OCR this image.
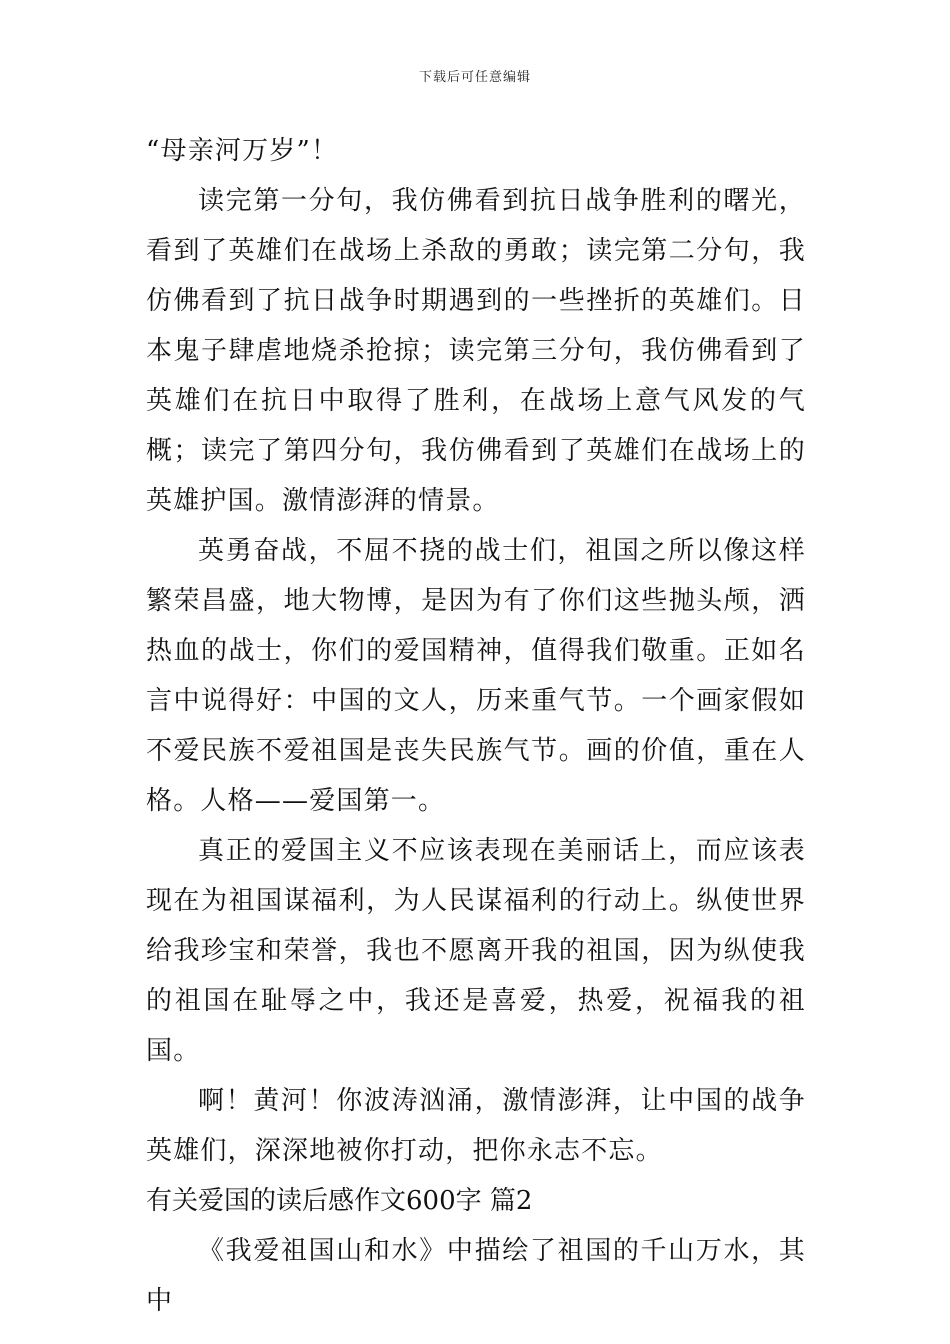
下载后可任意编辑

“母亲河万岁”！

读完第一分句，我仿佛看到抗日战争胜利的曙光，看到了英雄们在战场上杀敌的勇敢；读完第二分句，我仿佛看到了抗日战争时期遇到的一些挫折的英雄们。日本鬼子肆虐地烧杀抢掠；读完第三分句，我仿佛看到了英雄们在抗日中取得了胜利，在战场上意气风发的气概；读完了第四分句，我仿佛看到了英雄们在战场上的英雄护国。激情澎湃的情景。

英勇奋战，不屈不挠的战士们，祖国之所以像这样繁荣昌盛，地大物博，是因为有了你们这些抛头颅，洒热血的战士，你们的爱国精神，值得我们敬重。正如名言中说得好：中国的文人，历来重气节。一个画家假如不爱民族不爱祖国是丧失民族气节。画的价值，重在人格。人格——爱国第一。

真正的爱国主义不应该表现在美丽话上，而应该表现在为祖国谋福利，为人民谋福利的行动上。纵使世界给我珍宝和荣誉，我也不愿离开我的祖国，因为纵使我的祖国在耻辱之中，我还是喜爱，热爱，祝福我的祖国。

啊！黄河！你波涛汹涌，激情澎湃，让中国的战争英雄们，深深地被你打动，把你永志不忘。

有关爱国的读后感作文600字 篇2

《我爱祖国山和水》中描绘了祖国的千山万水，其中
